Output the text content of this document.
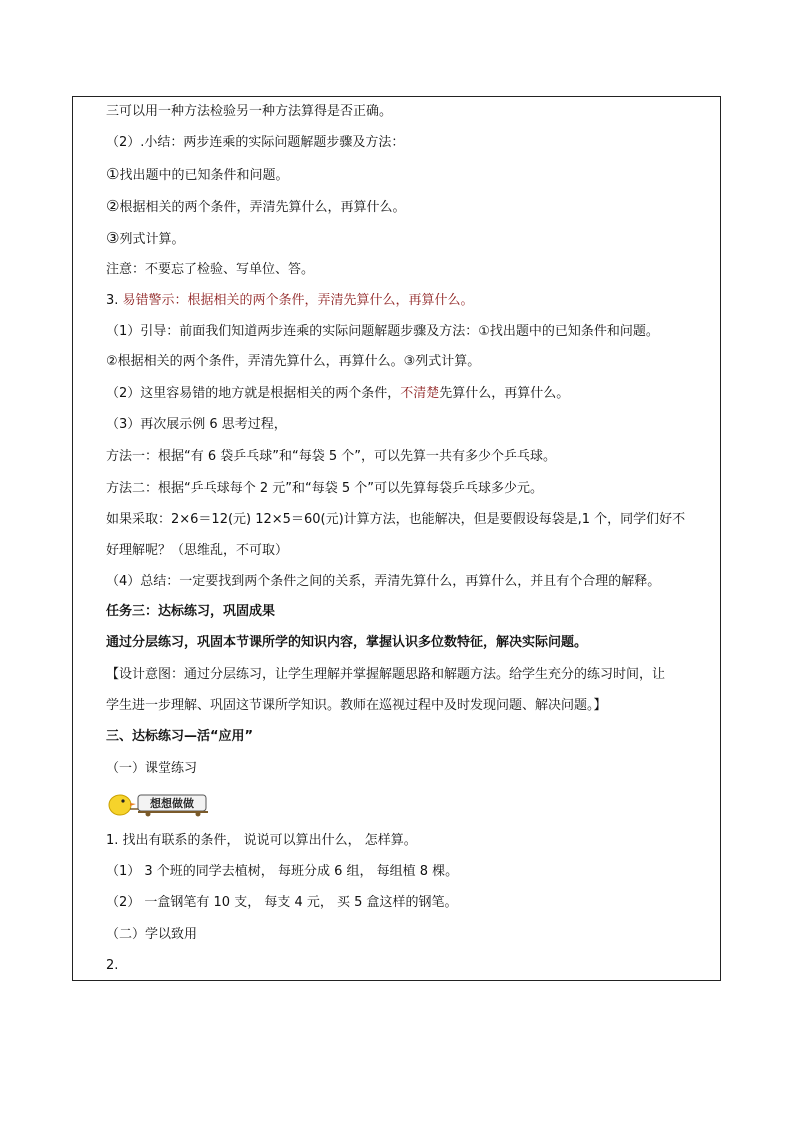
三可以用一种方法检验另一种方法算得是否正确。
（2）.小结：两步连乘的实际问题解题步骤及方法：
①找出题中的已知条件和问题。
②根据相关的两个条件，弄清先算什么，再算什么。
③列式计算。
注意：不要忘了检验、写单位、答。
3. 易错警示：根据相关的两个条件，弄清先算什么，再算什么。
（1）引导：前面我们知道两步连乘的实际问题解题步骤及方法：①找出题中的已知条件和问题。
②根据相关的两个条件，弄清先算什么，再算什么。③列式计算。
（2）这里容易错的地方就是根据相关的两个条件，不清楚先算什么，再算什么。
（3）再次展示例 6 思考过程，
方法一：根据“有 6 袋乒乓球”和“每袋 5 个”，可以先算一共有多少个乒乓球。
方法二：根据“乒乓球每个 2 元”和“每袋 5 个”可以先算每袋乒乓球多少元。
如果采取：2×6＝12(元) 12×5＝60(元)计算方法，也能解决，但是要假设每袋是,1 个，同学们好不
好理解呢？（思维乱，不可取）
（4）总结：一定要找到两个条件之间的关系，弄清先算什么，再算什么，并且有个合理的解释。
任务三：达标练习，巩固成果
通过分层练习，巩固本节课所学的知识内容，掌握认识多位数特征，解决实际问题。
【设计意图：通过分层练习，让学生理解并掌握解题思路和解题方法。给学生充分的练习时间，让
学生进一步理解、巩固这节课所学知识。教师在巡视过程中及时发现问题、解决问题。】
三、达标练习—活“应用”
（一）课堂练习
想想做做
1. 找出有联系的条件， 说说可以算出什么， 怎样算。
（1） 3 个班的同学去植树， 每班分成 6 组， 每组植 8 棵。
（2） 一盒钢笔有 10 支， 每支 4 元， 买 5 盒这样的钢笔。
（二）学以致用
2.
